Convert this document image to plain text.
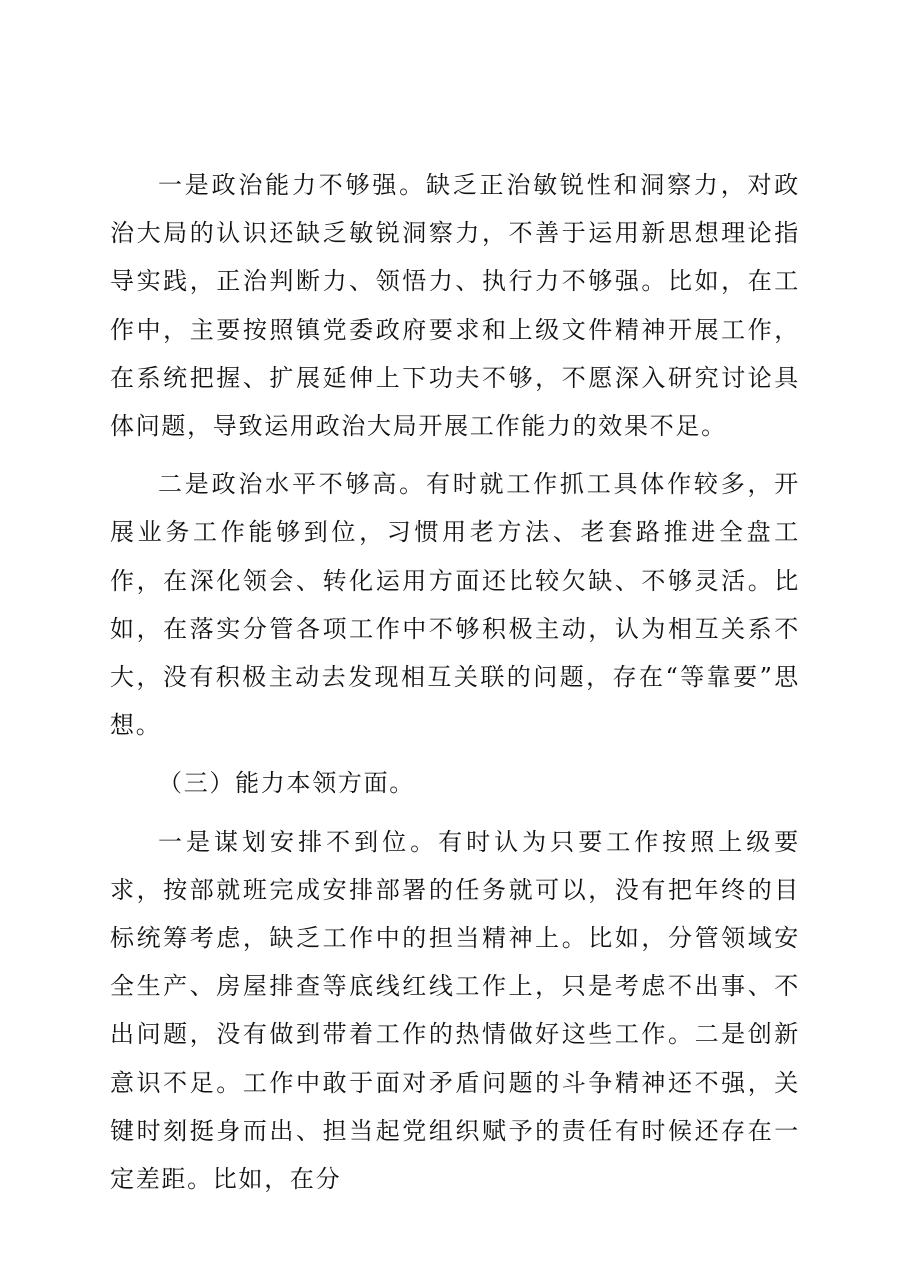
一是政治能力不够强。缺乏正治敏锐性和洞察力，对政治大局的认识还缺乏敏锐洞察力，不善于运用新思想理论指导实践，正治判断力、领悟力、执行力不够强。比如，在工作中，主要按照镇党委政府要求和上级文件精神开展工作，在系统把握、扩展延伸上下功夫不够，不愿深入研究讨论具体问题，导致运用政治大局开展工作能力的效果不足。

二是政治水平不够高。有时就工作抓工具体作较多，开展业务工作能够到位，习惯用老方法、老套路推进全盘工作，在深化领会、转化运用方面还比较欠缺、不够灵活。比如，在落实分管各项工作中不够积极主动，认为相互关系不大，没有积极主动去发现相互关联的问题，存在“等靠要”思想。

（三）能力本领方面。

一是谋划安排不到位。有时认为只要工作按照上级要求，按部就班完成安排部署的任务就可以，没有把年终的目标统筹考虑，缺乏工作中的担当精神上。比如，分管领域安全生产、房屋排查等底线红线工作上，只是考虑不出事、不出问题，没有做到带着工作的热情做好这些工作。二是创新意识不足。工作中敢于面对矛盾问题的斗争精神还不强，关键时刻挺身而出、担当起党组织赋予的责任有时候还存在一定差距。比如，在分
